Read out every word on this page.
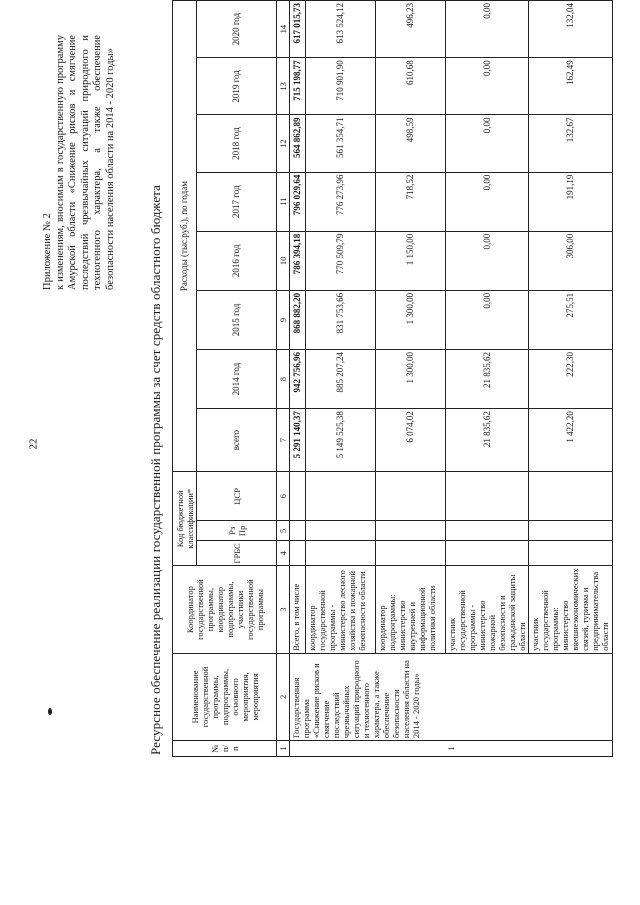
22
Приложение № 2 к изменениям, вносимым в государственную программу Амурской области «Снижение рисков и смягчение последствий чрезвычайных ситуаций природного и техногенного характера, а также обеспечение безопасности населения области на 2014 - 2020 годы»
Ресурсное обеспечение реализации государственной программы за счет средств областного бюджета	№ п/п	Наименование государственной программы, подпрограммы, основного мероприятия, мероприятия	Координатор государственной программы, координатор подпрограммы, участники государственной программы	Код бюджетной классификации*			Расходы (тыс.руб.), по годам							
			ГРБС	Рз Пр	ЦСР	всего	2014 год	2015 год	2016 год	2017 год	2018 год	2019 год	2020 год

1	2	3	4	5	6	7	8	9	10	11	12	13	14
1	Государственная программа «Снижение рисков и смягчение последствий чрезвычайных ситуаций природного и техногенного характера, а также обеспечение безопасности населения области на 2014 - 2020 годы»	Всего, в том числе				5 291 140,37	942 756,96	868 882,20	786 394,18	796 029,64	564 862,89	715 198,77	617 015,73
		координатор государственной программы - министерство лесного хозяйства и пожарной безопасности области				5 149 525,38	885 207,24	831 753,66	770 509,79	776 273,96	561 354,71	710 901,90	613 524,12
		координатор подпрограммы: министерство внутренней и информационной политики области				6 074,02	1 300,00	1 300,00	1 150,00	718,52	498,59	610,68	496,23
		участник государственной программы - министерство пожарной безопасности и гражданской защиты области				21 835,62	21 835,62	0,00	0,00	0,00	0,00	0,00	0,00
		участник государственной программы: министерство внешнеэкономических связей, туризма и предпринимательства области				1 422,20	222,30	275,51	306,00	191,19	132,67	162,49	132,04
